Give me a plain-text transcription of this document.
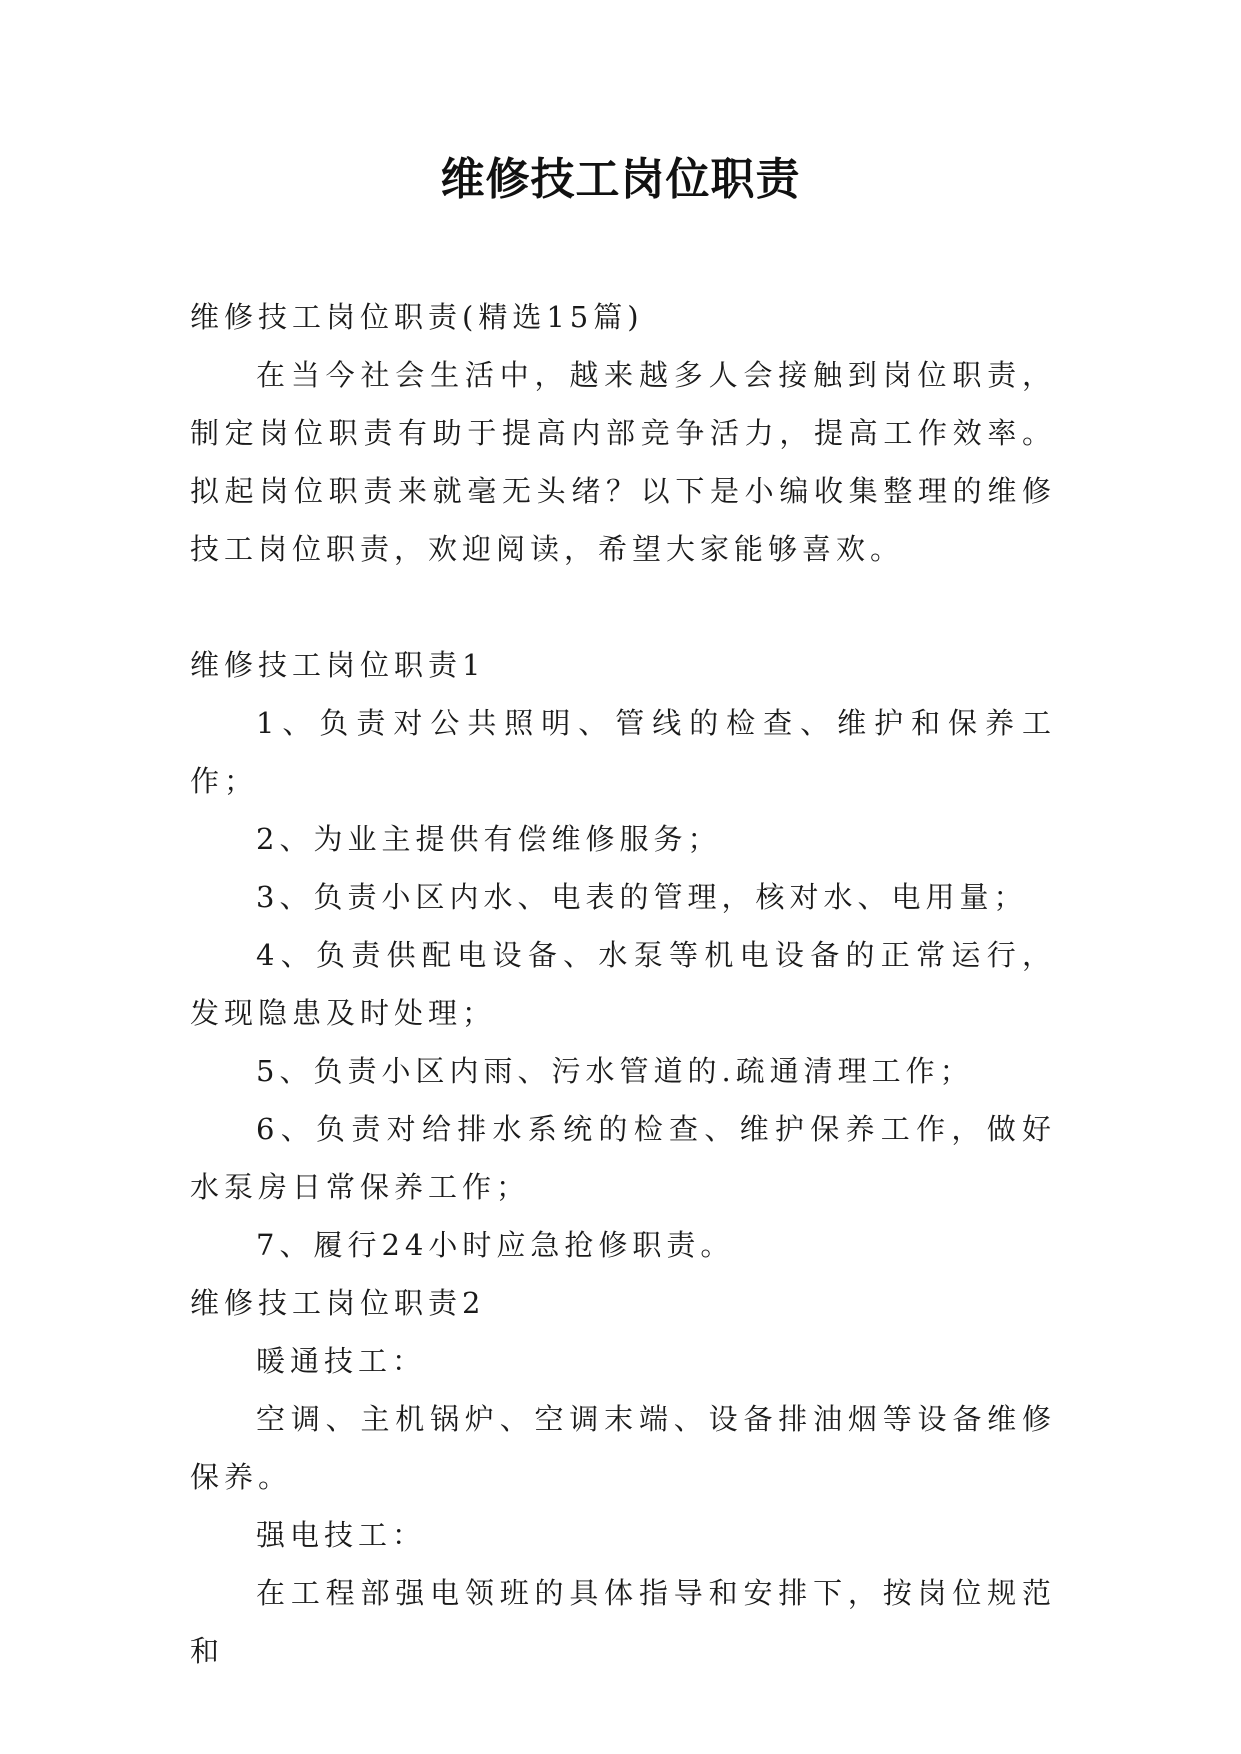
维修技工岗位职责

维修技工岗位职责(精选15篇)

在当今社会生活中，越来越多人会接触到岗位职责，制定岗位职责有助于提高内部竞争活力，提高工作效率。拟起岗位职责来就毫无头绪？以下是小编收集整理的维修技工岗位职责，欢迎阅读，希望大家能够喜欢。

维修技工岗位职责1

1、负责对公共照明、管线的检查、维护和保养工作；

2、为业主提供有偿维修服务；

3、负责小区内水、电表的管理，核对水、电用量；

4、负责供配电设备、水泵等机电设备的正常运行，发现隐患及时处理；

5、负责小区内雨、污水管道的.疏通清理工作；

6、负责对给排水系统的检查、维护保养工作，做好水泵房日常保养工作；

7、履行24小时应急抢修职责。

维修技工岗位职责2

暖通技工：

空调、主机锅炉、空调末端、设备排油烟等设备维修保养。

强电技工：

在工程部强电领班的具体指导和安排下，按岗位规范和
